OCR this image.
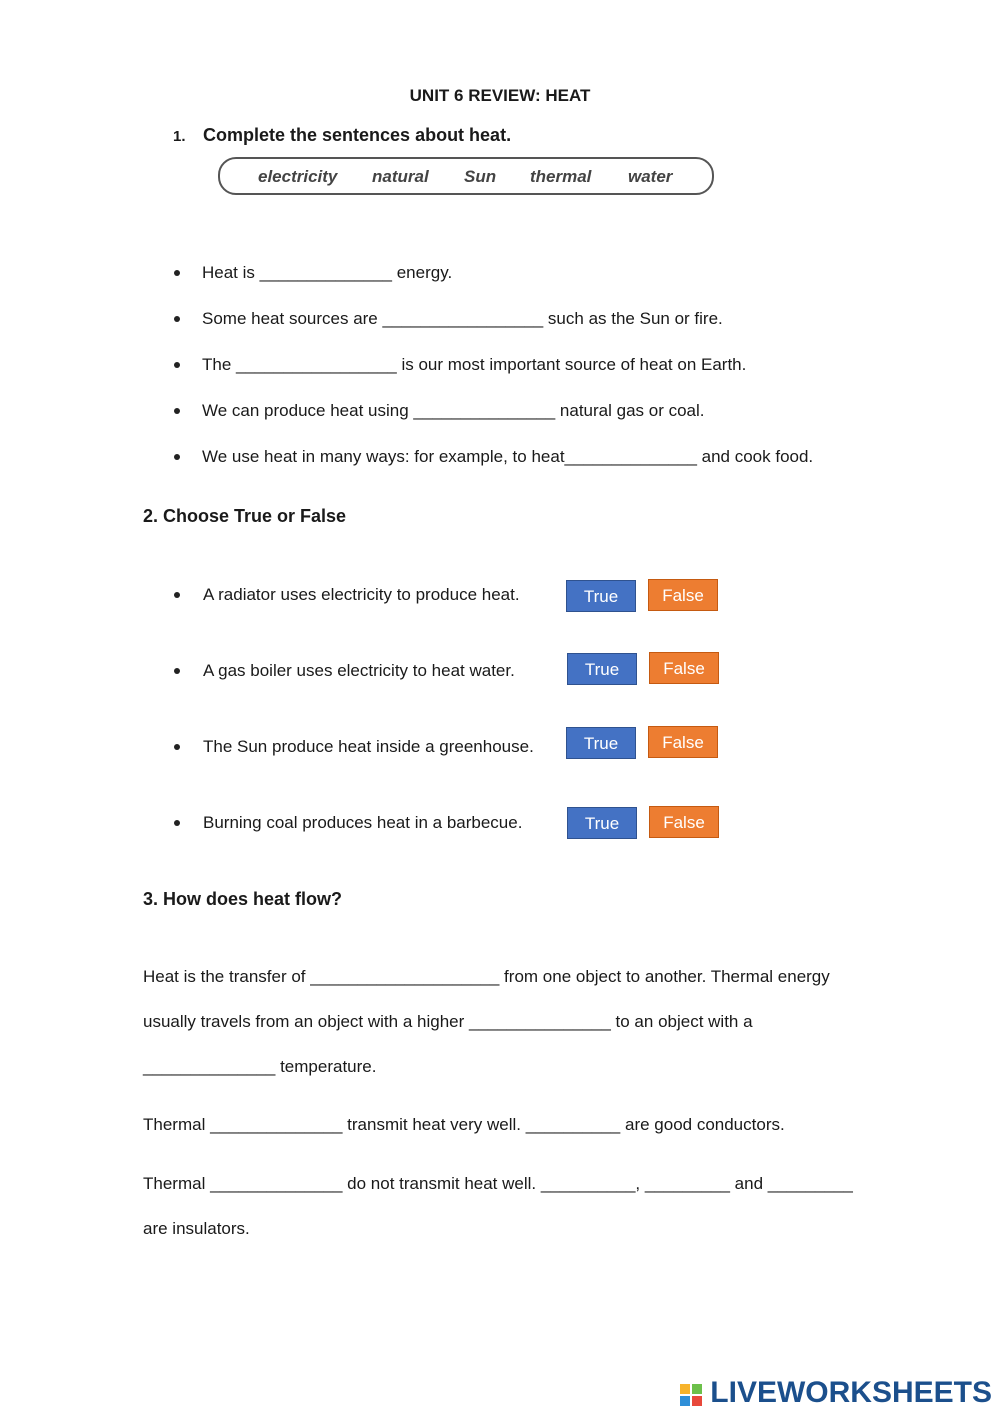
UNIT 6 REVIEW: HEAT
1. Complete the sentences about heat.
electricity natural Sun thermal water
Heat is ______________ energy.
Some heat sources are _________________ such as the Sun or fire.
The _________________ is our most important source of heat on Earth.
We can produce heat using _______________ natural gas or coal.
We use heat in many ways: for example, to heat______________ and cook food.
2. Choose True or False
A radiator uses electricity to produce heat.	True	False
A gas boiler uses electricity to heat water.	True	False
The Sun produce heat inside a greenhouse.	True	False
Burning coal produces heat in a barbecue.	True	False
3. How does heat flow?
Heat is the transfer of ____________________ from one object to another. Thermal energy
usually travels from an object with a higher _______________ to an object with a
______________ temperature.
Thermal ______________ transmit heat very well. __________ are good conductors.
Thermal ______________ do not transmit heat well. __________, _________ and _________
are insulators.
LIVEWORKSHEETS
